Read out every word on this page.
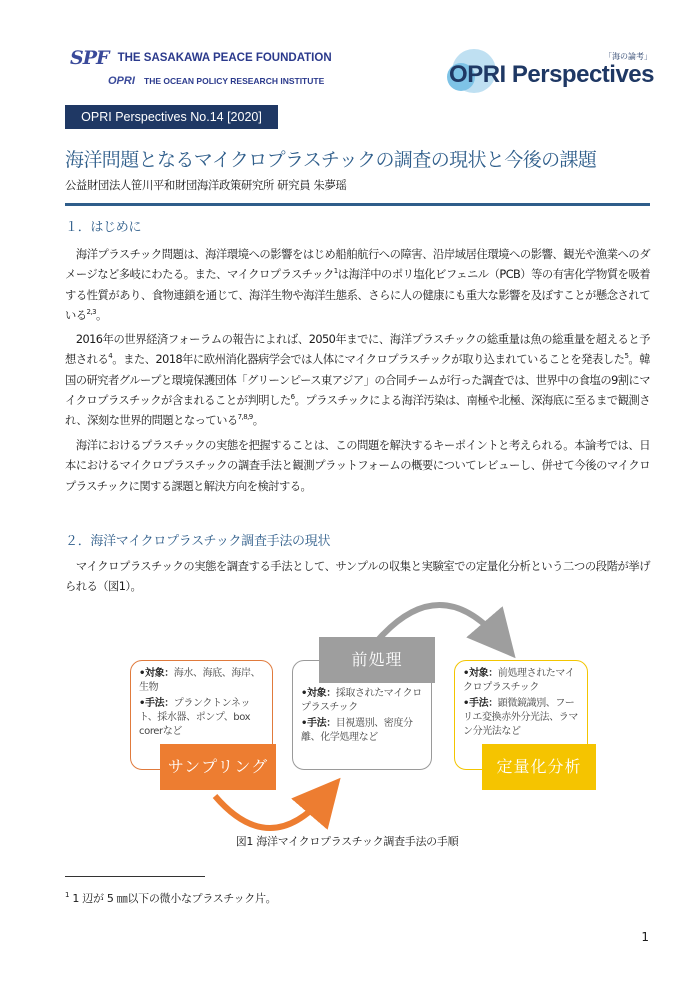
SPF THE SASAKAWA PEACE FOUNDATION
OPRI THE OCEAN POLICY RESEARCH INSTITUTE
「海の論考」
OPRI Perspectives
OPRI Perspectives No.14 [2020]
海洋問題となるマイクロプラスチックの調査の現状と今後の課題
公益財団法人笹川平和財団海洋政策研究所 研究員 朱夢瑶
１．はじめに

　海洋プラスチック問題は、海洋環境への影響をはじめ船舶航行への障害、沿岸域居住環境への影響、観光や漁業へのダメージなど多岐にわたる。また、マイクロプラスチック$^1$は海洋中のポリ塩化ビフェニル（PCB）等の有害化学物質を吸着する性質があり、食物連鎖を通じて、海洋生物や海洋生態系、さらに人の健康にも重大な影響を及ぼすことが懸念されている$^{2,3}$。

　2016年の世界経済フォーラムの報告によれば、2050年までに、海洋プラスチックの総重量は魚の総重量を超えると予想される$^4$。また、2018年に欧州消化器病学会では人体にマイクロプラスチックが取り込まれていることを発表した$^5$。韓国の研究者グループと環境保護団体「グリーンピース東アジア」の合同チームが行った調査では、世界中の食塩の9割にマイクロプラスチックが含まれることが判明した$^6$。プラスチックによる海洋汚染は、南極や北極、深海底に至るまで観測され、深刻な世界的問題となっている$^{7,8,9}$。

　海洋におけるプラスチックの実態を把握することは、この問題を解決するキーポイントと考えられる。本論考では、日本におけるマイクロプラスチックの調査手法と観測プラットフォームの概要についてレビューし、併せて今後のマイクロプラスチックに関する課題と解決方向を検討する。

２．海洋マイクロプラスチック調査手法の現状

　マイクロプラスチックの実態を調査する手法として、サンプルの収集と実験室での定量化分析という二つの段階が挙げられる（図1）。

•対象：海水、海底、海岸、生物
•手法：プランクトンネット、採水器、ポンプ、box corerなど
•対象：採取されたマイクロプラスチック
•手法：目視選別、密度分離、化学処理など
•対象：前処理されたマイクロプラスチック
•手法：顕微鏡識別、フーリエ変換赤外分光法、ラマン分光法など
サンプリング
前処理
定量化分析
図1 海洋マイクロプラスチック調査手法の手順
$^1$ 1 辺が 5 ㎜以下の微小なプラスチック片。
1
